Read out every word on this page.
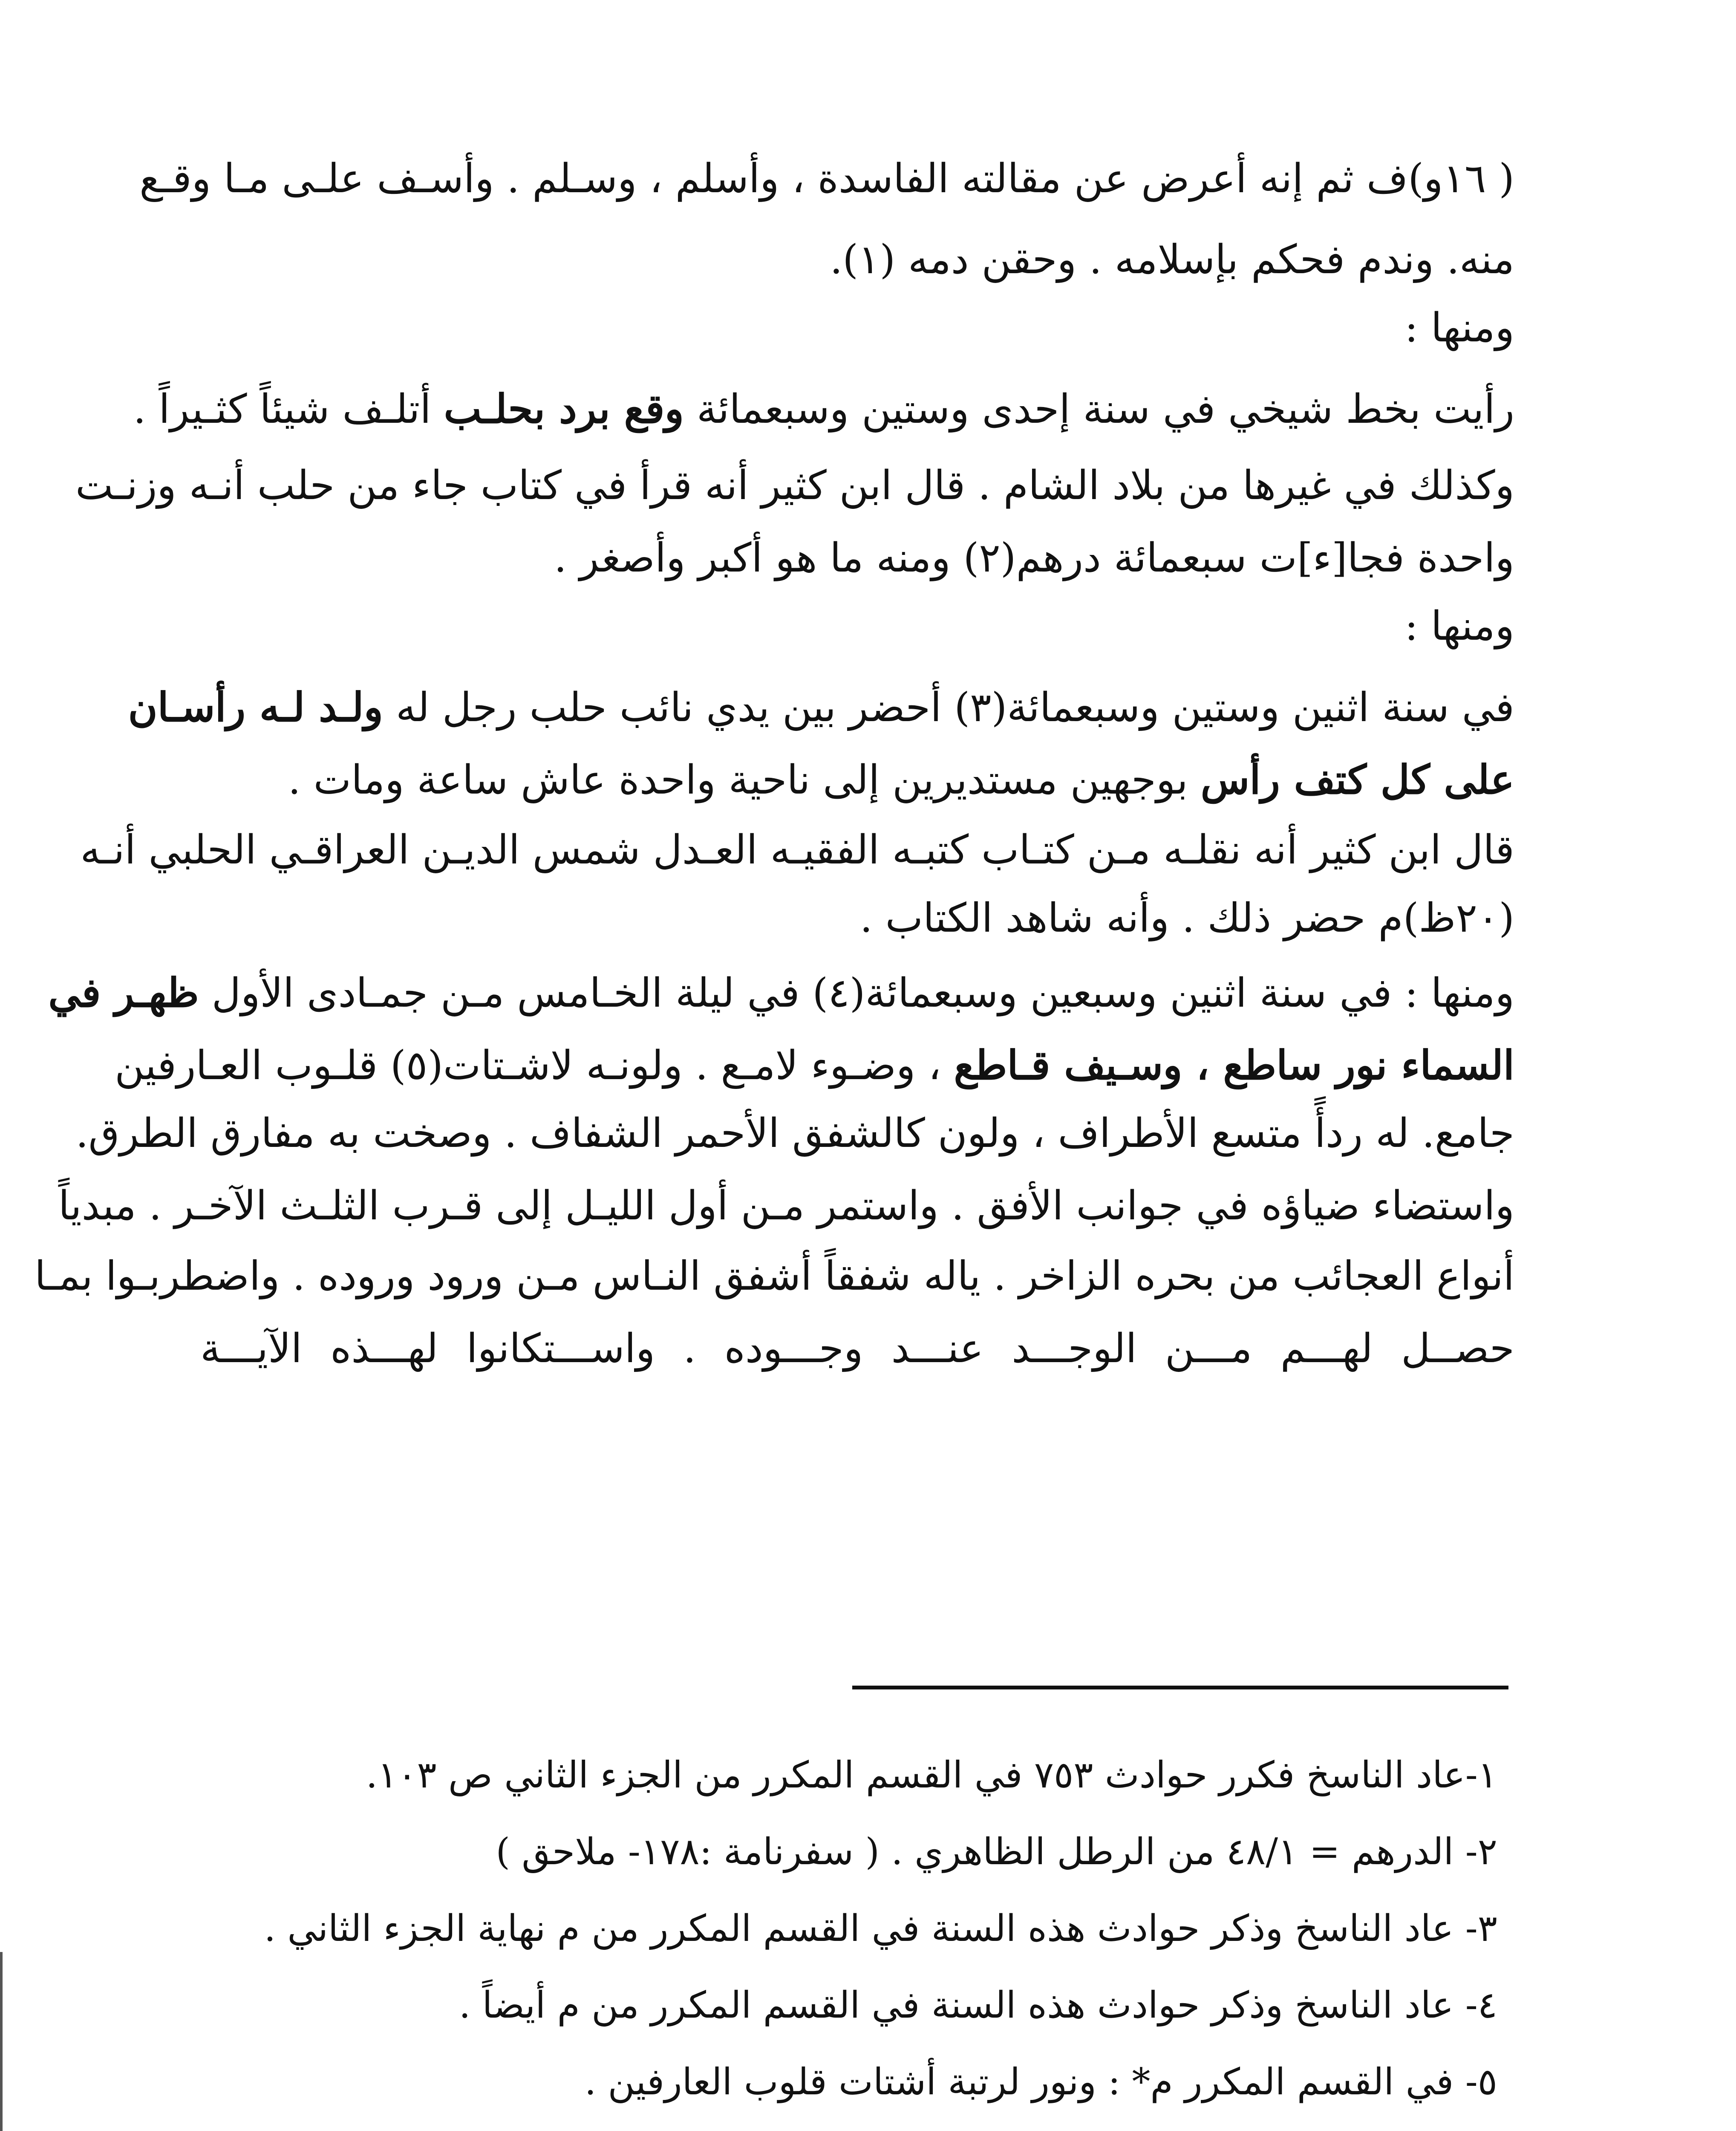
( ١٦و)ف ثم إنه أعرض عن مقالته الفاسدة ، وأسلم ، وسـلم . وأسـف علـى مـا وقـع
منه. وندم فحكم بإسلامه . وحقن دمه (١).
ومنها :
رأيت بخط شيخي في سنة إحدى وستين وسبعمائة وقع برد بحلـب أتلـف شيئاً كثـيراً .
وكذلك في غيرها من بلاد الشام . قال ابن كثير أنه قرأ في كتاب جاء من حلب أنـه وزنـت
واحدة فجا[ء]ت سبعمائة درهم(٢) ومنه ما هو أكبر وأصغر .
ومنها :
في سنة اثنين وستين وسبعمائة(٣) أحضر بين يدي نائب حلب رجل له ولـد لـه رأسـان
على كل كتف رأس بوجهين مستديرين إلى ناحية واحدة عاش ساعة ومات .
قال ابن كثير أنه نقلـه مـن كتـاب كتبـه الفقيـه العـدل شمس الديـن العراقـي الحلبي أنـه
(٢٠ظ)م حضر ذلك . وأنه شاهد الكتاب .
ومنها : في سنة اثنين وسبعين وسبعمائة(٤) في ليلة الخـامس مـن جمـادى الأول ظهـر في
السماء نور ساطع ، وسـيف قـاطع ، وضـوء لامـع . ولونـه لاشـتات(٥) قلـوب العـارفين
جامع. له ردأً متسع الأطراف ، ولون كالشفق الأحمر الشفاف . وصخت به مفارق الطرق.
واستضاء ضياؤه في جوانب الأفق . واستمر مـن أول الليـل إلى قـرب الثلـث الآخـر . مبدياً
أنواع العجائب من بحره الزاخر . ياله شفقاً أشفق النـاس مـن ورود وروده . واضطربـوا بمـا
حصــل لهـــم مـــن الوجـــد عنـــد وجـــوده . واســـتكانوا لهـــذه الآيـــة
١-عاد الناسخ فكرر حوادث ٧٥٣ في القسم المكرر من الجزء الثاني ص ١٠٣.
٢- الدرهم = ٤٨/١ من الرطل الظاهري . ( سفرنامة :١٧٨- ملاحق )
٣- عاد الناسخ وذكر حوادث هذه السنة في القسم المكرر من م نهاية الجزء الثاني .
٤- عاد الناسخ وذكر حوادث هذه السنة في القسم المكرر من م أيضاً .
٥- في القسم المكرر م* : ونور لرتبة أشتات قلوب العارفين .
